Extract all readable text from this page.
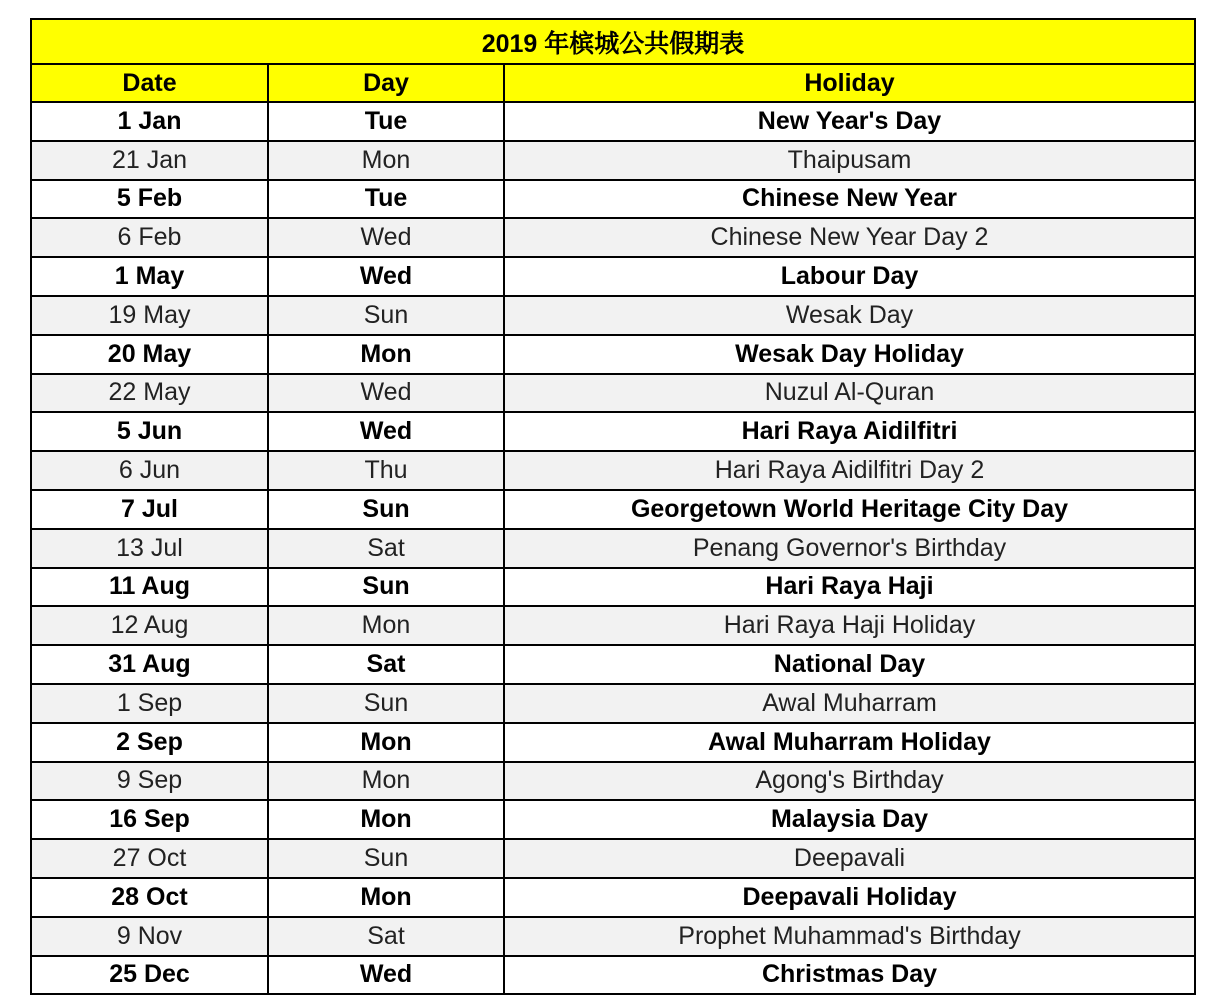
2019 年槟城公共假期表		
Date	Day	Holiday
1 Jan	Tue	New Year's Day
21 Jan	Mon	Thaipusam
5 Feb	Tue	Chinese New Year
6 Feb	Wed	Chinese New Year Day 2
1 May	Wed	Labour Day
19 May	Sun	Wesak Day
20 May	Mon	Wesak Day Holiday
22 May	Wed	Nuzul Al-Quran
5 Jun	Wed	Hari Raya Aidilfitri
6 Jun	Thu	Hari Raya Aidilfitri Day 2
7 Jul	Sun	Georgetown World Heritage City Day
13 Jul	Sat	Penang Governor's Birthday
11 Aug	Sun	Hari Raya Haji
12 Aug	Mon	Hari Raya Haji Holiday
31 Aug	Sat	National Day
1 Sep	Sun	Awal Muharram
2 Sep	Mon	Awal Muharram Holiday
9 Sep	Mon	Agong's Birthday
16 Sep	Mon	Malaysia Day
27 Oct	Sun	Deepavali
28 Oct	Mon	Deepavali Holiday
9 Nov	Sat	Prophet Muhammad's Birthday
25 Dec	Wed	Christmas Day
